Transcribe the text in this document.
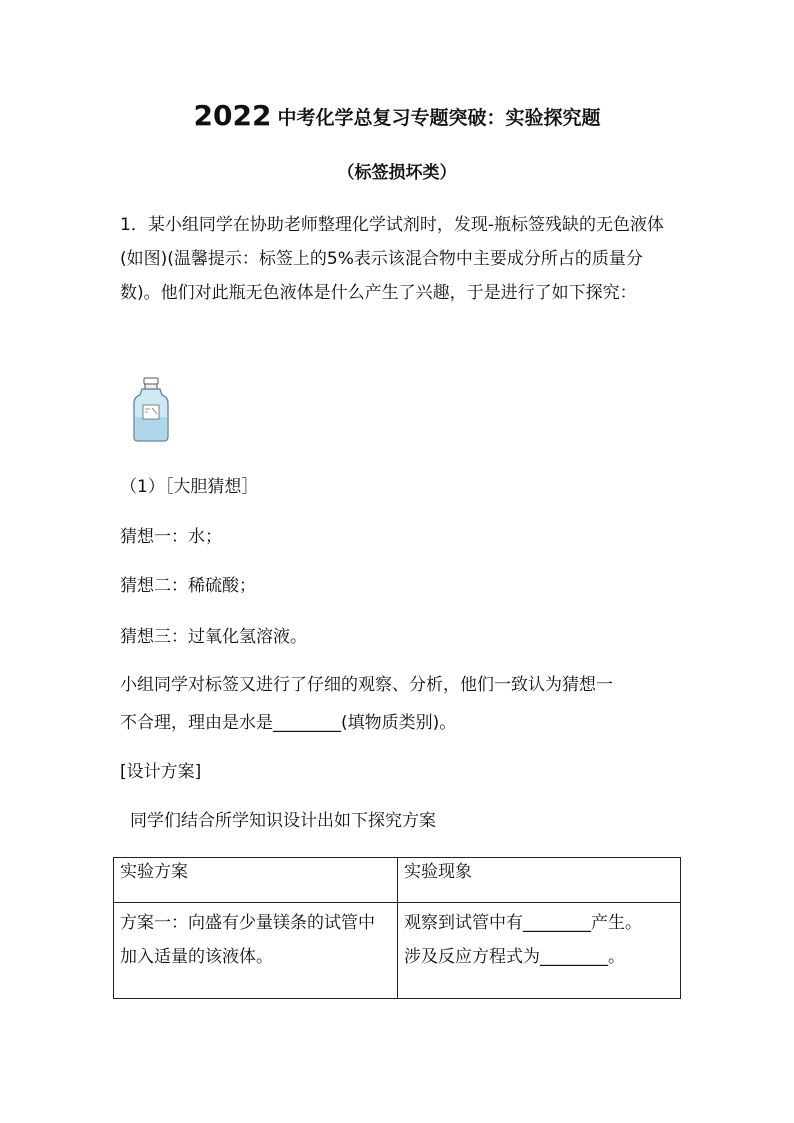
2022 中考化学总复习专题突破：实验探究题
（标签损坏类）
1．某小组同学在协助老师整理化学试剂时，发现-瓶标签残缺的无色液体(如图)(温馨提示：标签上的5%表示该混合物中主要成分所占的质量分数)。他们对此瓶无色液体是什么产生了兴趣，于是进行了如下探究：
（1）［大胆猜想］
猜想一：水；
猜想二：稀硫酸；
猜想三：过氧化氢溶液。
小组同学对标签又进行了仔细的观察、分析，他们一致认为猜想一
不合理，理由是水是________(填物质类别)。
[设计方案]
同学们结合所学知识设计出如下探究方案
实验方案	实验现象
方案一：向盛有少量镁条的试管中加入适量的该液体。	观察到试管中有________产生。
涉及反应方程式为________。
